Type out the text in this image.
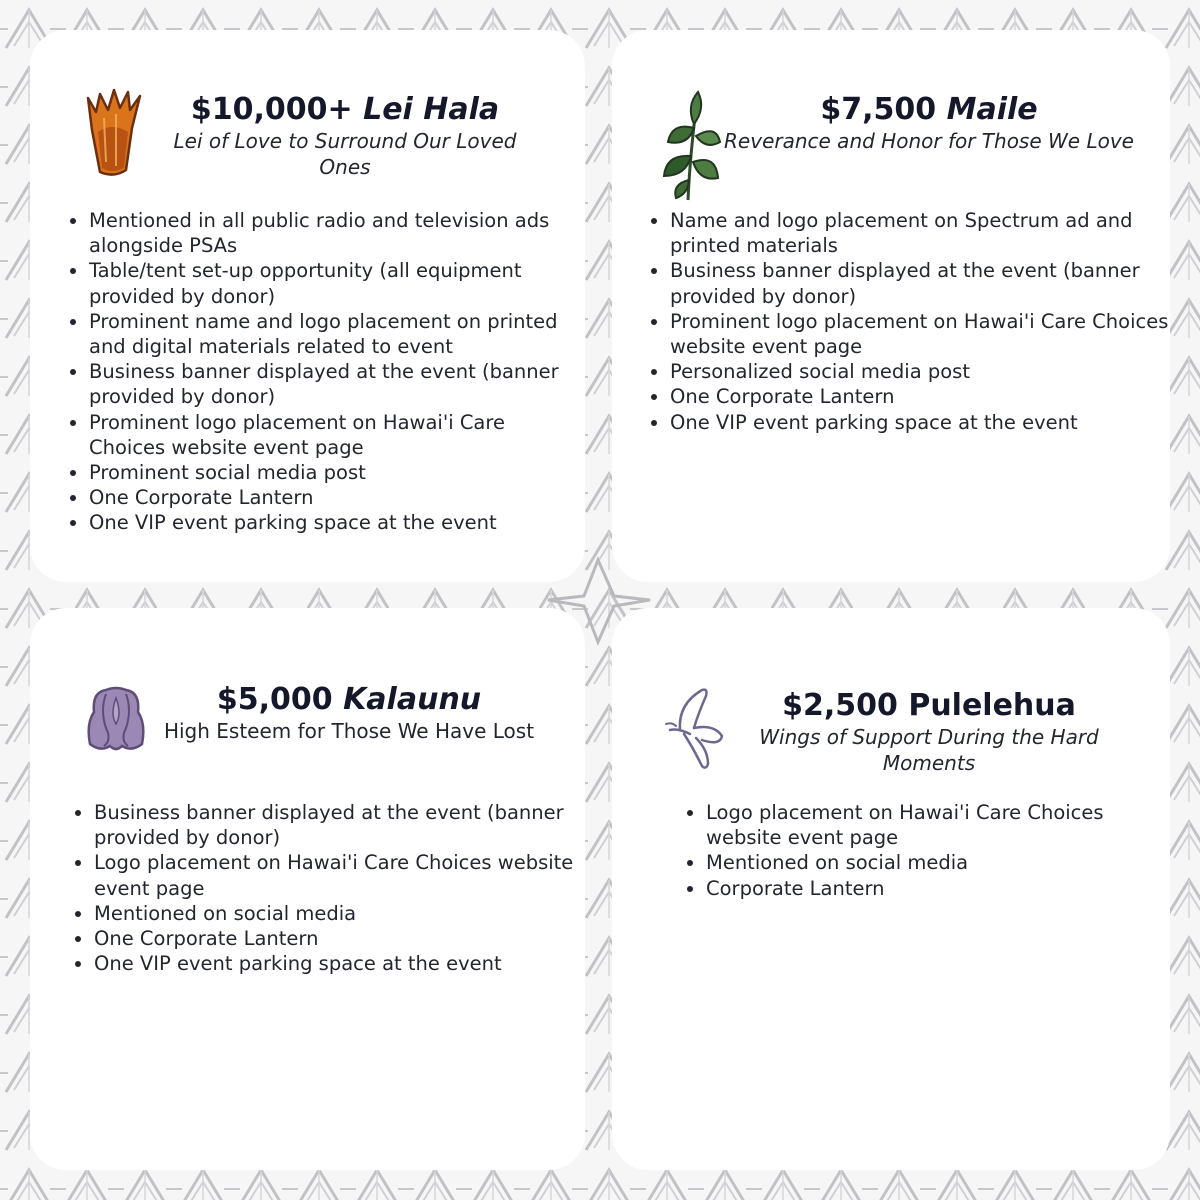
$10,000+ Lei Hala
Lei of Love to Surround Our Loved Ones
• Mentioned in all public radio and television ads alongside PSAs
• Table/tent set-up opportunity (all equipment provided by donor)
• Prominent name and logo placement on printed and digital materials related to event
• Business banner displayed at the event (banner provided by donor)
• Prominent logo placement on Hawai'i Care Choices website event page
• Prominent social media post
• One Corporate Lantern
• One VIP event parking space at the event
$7,500 Maile
Reverance and Honor for Those We Love
• Name and logo placement on Spectrum ad and printed materials
• Business banner displayed at the event (banner provided by donor)
• Prominent logo placement on Hawai'i Care Choices website event page
• Personalized social media post
• One Corporate Lantern
• One VIP event parking space at the event
$5,000 Kalaunu
High Esteem for Those We Have Lost
• Business banner displayed at the event (banner provided by donor)
• Logo placement on Hawai'i Care Choices website event page
• Mentioned on social media
• One Corporate Lantern
• One VIP event parking space at the event
$2,500 Pulelehua
Wings of Support During the Hard Moments
• Logo placement on Hawai'i Care Choices website event page
• Mentioned on social media
• Corporate Lantern
